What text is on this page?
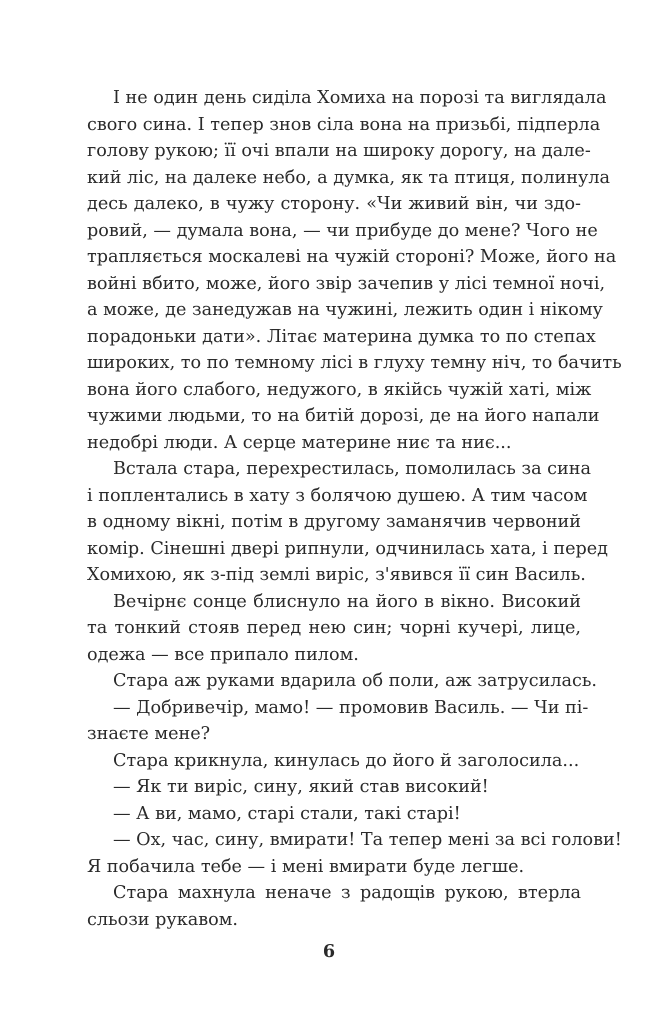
І не один день сиділа Хомиха на порозі та виглядала
свого сина. І тепер знов сіла вона на призьбі, підперла
голову рукою; її очі впали на широку дорогу, на дале-
кий ліс, на далеке небо, а думка, як та птиця, полинула
десь далеко, в чужу сторону. «Чи живий він, чи здо-
ровий, — думала вона, — чи прибуде до мене? Чого не
трапляється москалеві на чужій стороні? Може, його на
войні вбито, може, його звір зачепив у лісі темної ночі,
а може, де занедужав на чужині, лежить один і нікому
порадоньки дати». Літає материна думка то по степах
широких, то по темному лісі в глуху темну ніч, то бачить
вона його слабого, недужого, в якійсь чужій хаті, між
чужими людьми, то на битій дорозі, де на його напали
недобрі люди. А серце материне ниє та ниє...
Встала стара, перехрестилась, помолилась за сина
і поплентались в хату з болячою душею. А тим часом
в одному вікні, потім в другому заманячив червоний
комір. Сінешні двері рипнули, одчинилась хата, і перед
Хомихою, як з-під землі виріс, з'явився її син Василь.
Вечірнє сонце блиснуло на його в вікно. Високий
та тонкий стояв перед нею син; чорні кучері, лице,
одежа — все припало пилом.
Стара аж руками вдарила об поли, аж затрусилась.
— Добривечір, мамо! — промовив Василь. — Чи пі-
знаєте мене?
Стара крикнула, кинулась до його й заголосила...
— Як ти виріс, сину, який став високий!
— А ви, мамо, старі стали, такі старі!
— Ох, час, сину, вмирати! Та тепер мені за всі голови!
Я побачила тебе — і мені вмирати буде легше.
Стара махнула неначе з радощів рукою, втерла
сльози рукавом.
6
